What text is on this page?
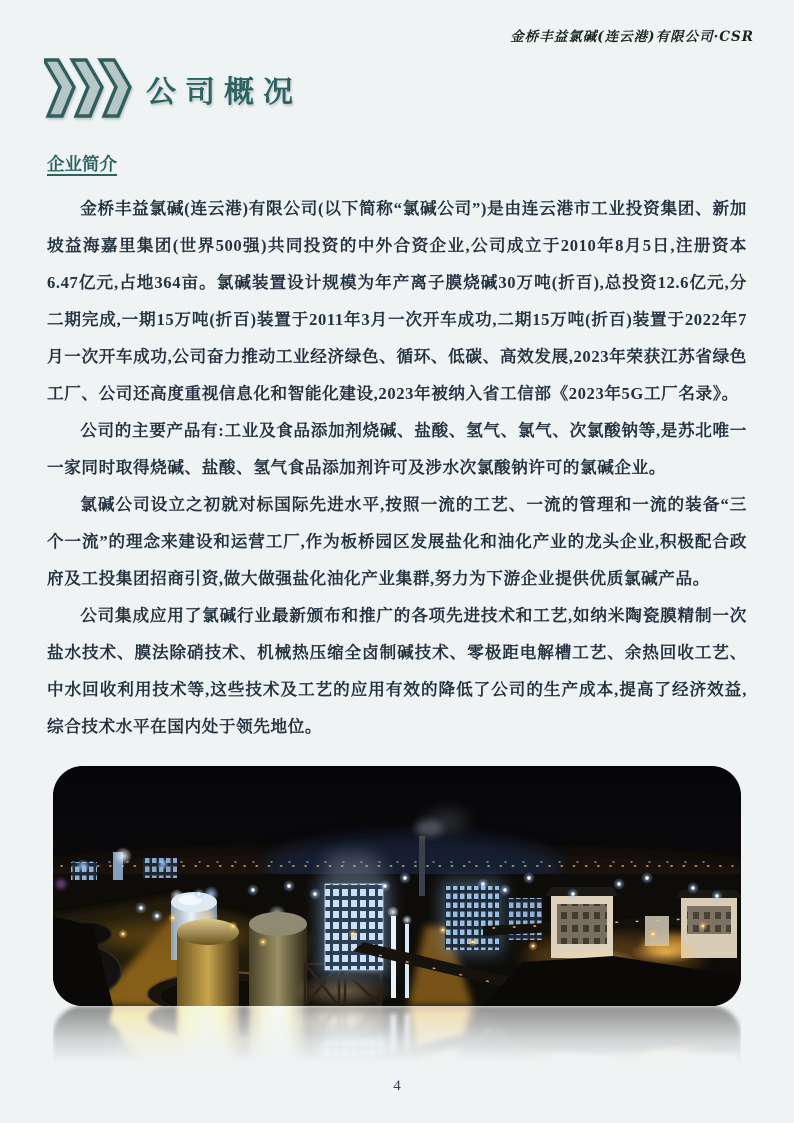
金桥丰益氯碱(连云港)有限公司·CSR
公司概况
企业简介

金桥丰益氯碱(连云港)有限公司(以下简称“氯碱公司”)是由连云港市工业投资集团、新加坡益海嘉里集团(世界500强)共同投资的中外合资企业,公司成立于2010年8月5日,注册资本6.47亿元,占地364亩。氯碱装置设计规模为年产离子膜烧碱30万吨(折百),总投资12.6亿元,分二期完成,一期15万吨(折百)装置于2011年3月一次开车成功,二期15万吨(折百)装置于2022年7月一次开车成功,公司奋力推动工业经济绿色、循环、低碳、高效发展,2023年荣获江苏省绿色工厂、公司还高度重视信息化和智能化建设,2023年被纳入省工信部《2023年5G工厂名录》。

公司的主要产品有:工业及食品添加剂烧碱、盐酸、氢气、氯气、次氯酸钠等,是苏北唯一一家同时取得烧碱、盐酸、氢气食品添加剂许可及涉水次氯酸钠许可的氯碱企业。

氯碱公司设立之初就对标国际先进水平,按照一流的工艺、一流的管理和一流的装备“三个一流”的理念来建设和运营工厂,作为板桥园区发展盐化和油化产业的龙头企业,积极配合政府及工投集团招商引资,做大做强盐化油化产业集群,努力为下游企业提供优质氯碱产品。

公司集成应用了氯碱行业最新颁布和推广的各项先进技术和工艺,如纳米陶瓷膜精制一次盐水技术、膜法除硝技术、机械热压缩全卤制碱技术、零极距电解槽工艺、余热回收工艺、中水回收利用技术等,这些技术及工艺的应用有效的降低了公司的生产成本,提高了经济效益,综合技术水平在国内处于领先地位。

4
